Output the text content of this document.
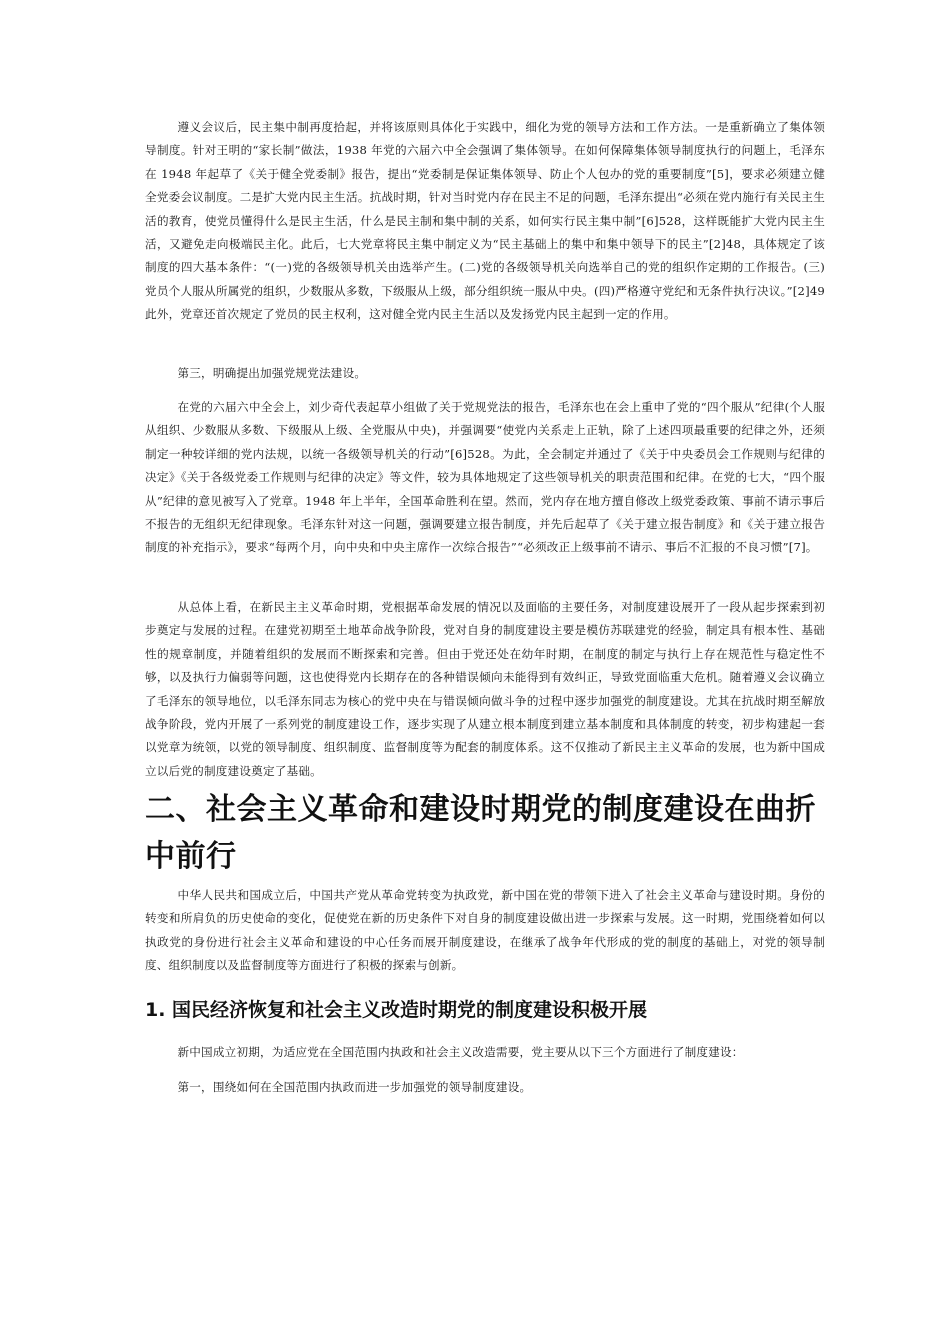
遵义会议后，民主集中制再度拾起，并将该原则具体化于实践中，细化为党的领导方法和工作方法。一是重新确立了集体领导制度。针对王明的“家长制”做法，1938 年党的六届六中全会强调了集体领导。在如何保障集体领导制度执行的问题上，毛泽东在 1948 年起草了《关于健全党委制》报告，提出“党委制是保证集体领导、防止个人包办的党的重要制度”[5]，要求必须建立健全党委会议制度。二是扩大党内民主生活。抗战时期，针对当时党内存在民主不足的问题，毛泽东提出“必须在党内施行有关民主生活的教育，使党员懂得什么是民主生活，什么是民主制和集中制的关系，如何实行民主集中制”[6]528，这样既能扩大党内民主生活，又避免走向极端民主化。此后，七大党章将民主集中制定义为“民主基础上的集中和集中领导下的民主”[2]48，具体规定了该制度的四大基本条件：“(一)党的各级领导机关由选举产生。(二)党的各级领导机关向选举自己的党的组织作定期的工作报告。(三)党员个人服从所属党的组织，少数服从多数，下级服从上级，部分组织统一服从中央。(四)严格遵守党纪和无条件执行决议。”[2]49 此外，党章还首次规定了党员的民主权利，这对健全党内民主生活以及发扬党内民主起到一定的作用。

第三，明确提出加强党规党法建设。

在党的六届六中全会上，刘少奇代表起草小组做了关于党规党法的报告，毛泽东也在会上重申了党的“四个服从”纪律(个人服从组织、少数服从多数、下级服从上级、全党服从中央)，并强调要“使党内关系走上正轨，除了上述四项最重要的纪律之外，还须制定一种较详细的党内法规，以统一各级领导机关的行动”[6]528。为此，全会制定并通过了《关于中央委员会工作规则与纪律的决定》《关于各级党委工作规则与纪律的决定》等文件，较为具体地规定了这些领导机关的职责范围和纪律。在党的七大，“四个服从”纪律的意见被写入了党章。1948 年上半年，全国革命胜利在望。然而，党内存在地方擅自修改上级党委政策、事前不请示事后不报告的无组织无纪律现象。毛泽东针对这一问题，强调要建立报告制度，并先后起草了《关于建立报告制度》和《关于建立报告制度的补充指示》，要求“每两个月，向中央和中央主席作一次综合报告”“必须改正上级事前不请示、事后不汇报的不良习惯”[7]。

从总体上看，在新民主主义革命时期，党根据革命发展的情况以及面临的主要任务，对制度建设展开了一段从起步探索到初步奠定与发展的过程。在建党初期至土地革命战争阶段，党对自身的制度建设主要是模仿苏联建党的经验，制定具有根本性、基础性的规章制度，并随着组织的发展而不断探索和完善。但由于党还处在幼年时期，在制度的制定与执行上存在规范性与稳定性不够，以及执行力偏弱等问题，这也使得党内长期存在的各种错误倾向未能得到有效纠正，导致党面临重大危机。随着遵义会议确立了毛泽东的领导地位，以毛泽东同志为核心的党中央在与错误倾向做斗争的过程中逐步加强党的制度建设。尤其在抗战时期至解放战争阶段，党内开展了一系列党的制度建设工作，逐步实现了从建立根本制度到建立基本制度和具体制度的转变，初步构建起一套以党章为统领，以党的领导制度、组织制度、监督制度等为配套的制度体系。这不仅推动了新民主主义革命的发展，也为新中国成立以后党的制度建设奠定了基础。

二、社会主义革命和建设时期党的制度建设在曲折中前行

中华人民共和国成立后，中国共产党从革命党转变为执政党，新中国在党的带领下进入了社会主义革命与建设时期。身份的转变和所肩负的历史使命的变化，促使党在新的历史条件下对自身的制度建设做出进一步探索与发展。这一时期，党围绕着如何以执政党的身份进行社会主义革命和建设的中心任务而展开制度建设，在继承了战争年代形成的党的制度的基础上，对党的领导制度、组织制度以及监督制度等方面进行了积极的探索与创新。

1. 国民经济恢复和社会主义改造时期党的制度建设积极开展

新中国成立初期，为适应党在全国范围内执政和社会主义改造需要，党主要从以下三个方面进行了制度建设：

第一，围绕如何在全国范围内执政而进一步加强党的领导制度建设。
